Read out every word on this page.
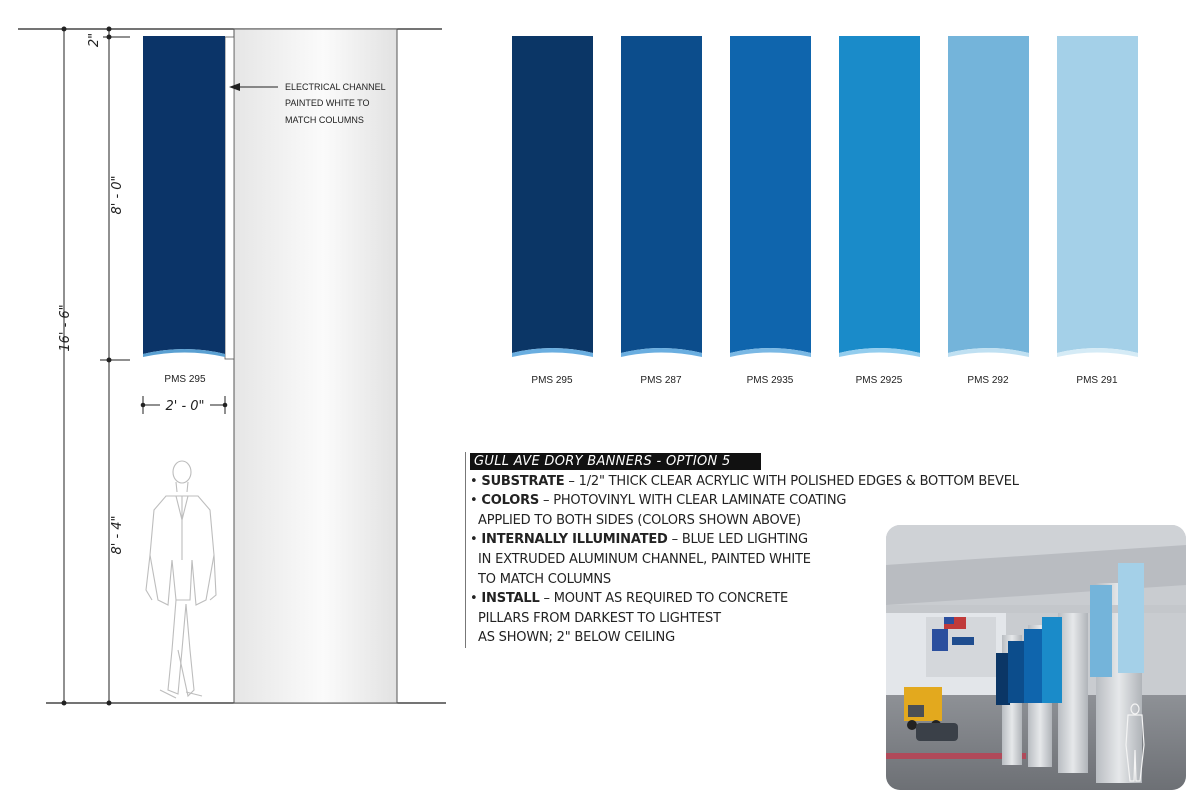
ELECTRICAL CHANNEL
PAINTED WHITE TO
MATCH COLUMNS
16' - 6"
2"
8' - 0"
8' - 4"
PMS 295
2' - 0"
PMS 295	PMS 287	PMS 2935	PMS 2925	PMS 292	PMS 291
GULL AVE DORY BANNERS - OPTION 5
• SUBSTRATE – 1/2" THICK CLEAR ACRYLIC WITH POLISHED EDGES & BOTTOM BEVEL
• COLORS – PHOTOVINYL WITH CLEAR LAMINATE COATING
APPLIED TO BOTH SIDES (COLORS SHOWN ABOVE)
• INTERNALLY ILLUMINATED – BLUE LED LIGHTING
IN EXTRUDED ALUMINUM CHANNEL, PAINTED WHITE
TO MATCH COLUMNS
• INSTALL – MOUNT AS REQUIRED TO CONCRETE
PILLARS FROM DARKEST TO LIGHTEST
AS SHOWN; 2" BELOW CEILING
